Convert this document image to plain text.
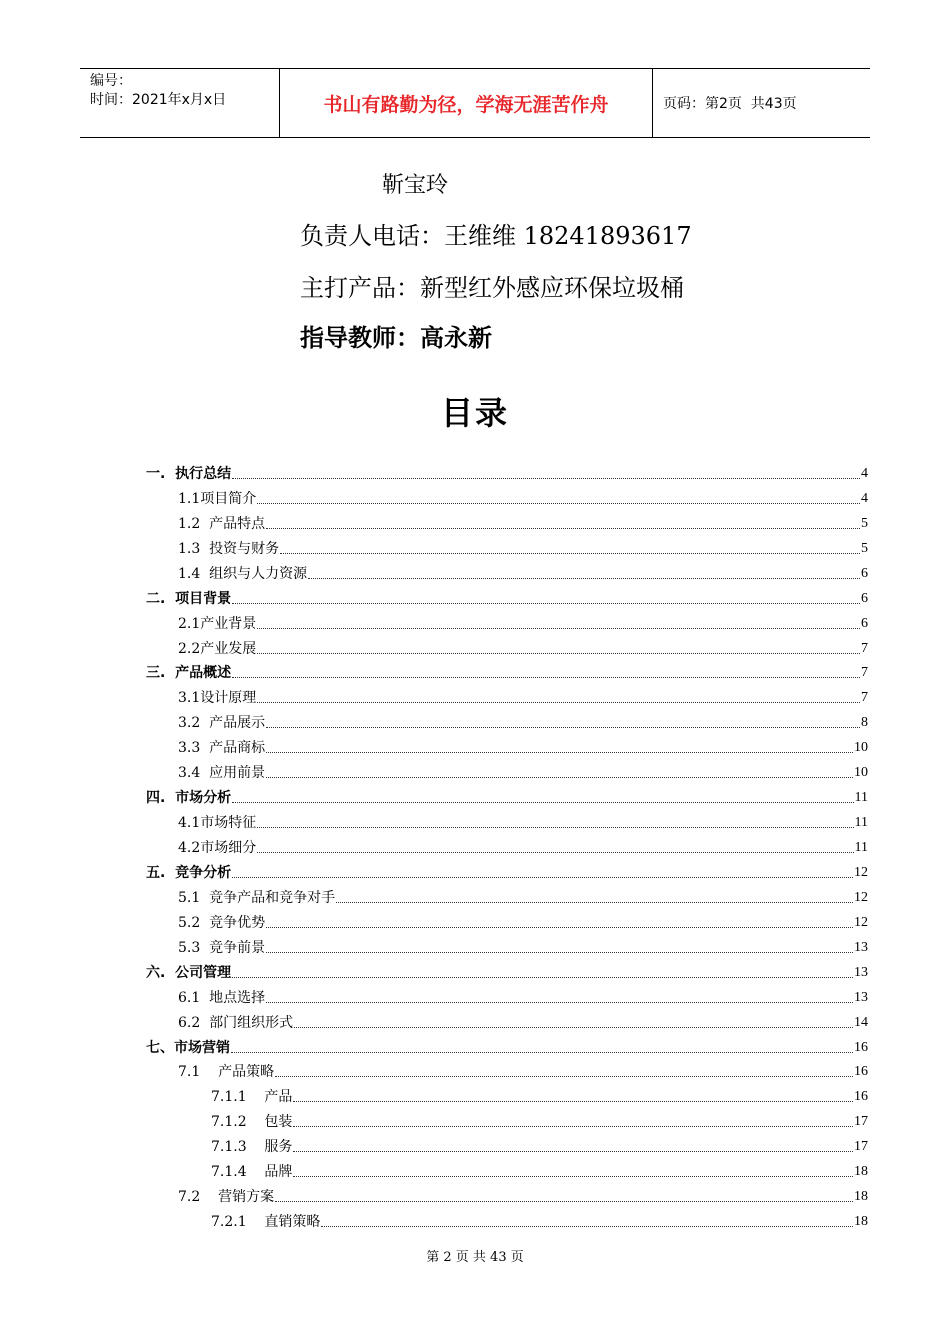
编号：
时间：2021年x月x日	书山有路勤为径，学海无涯苦作舟	页码：第2页  共43页
靳宝玲
负责人电话：王维维 18241893617
主打产品：新型红外感应环保垃圾桶
指导教师：高永新
目录
一.  执行总结	4
1.1项目简介	4
1.2  产品特点	5
1.3  投资与财务	5
1.4  组织与人力资源	6
二.  项目背景	6
2.1产业背景	6
2.2产业发展	7
三.  产品概述	7
3.1设计原理	7
3.2  产品展示	8
3.3  产品商标	10
3.4  应用前景	10
四.  市场分析	11
4.1市场特征	11
4.2市场细分	11
五.  竞争分析	12
5.1  竞争产品和竞争对手	12
5.2  竞争优势	12
5.3  竞争前景	13
六.  公司管理	13
6.1  地点选择	13
6.2  部门组织形式	14
七、市场营销	16
7.1    产品策略	16
7.1.1    产品	16
7.1.2    包装	17
7.1.3    服务	17
7.1.4    品牌	18
7.2    营销方案	18
7.2.1    直销策略	18
第 2 页 共 43 页
